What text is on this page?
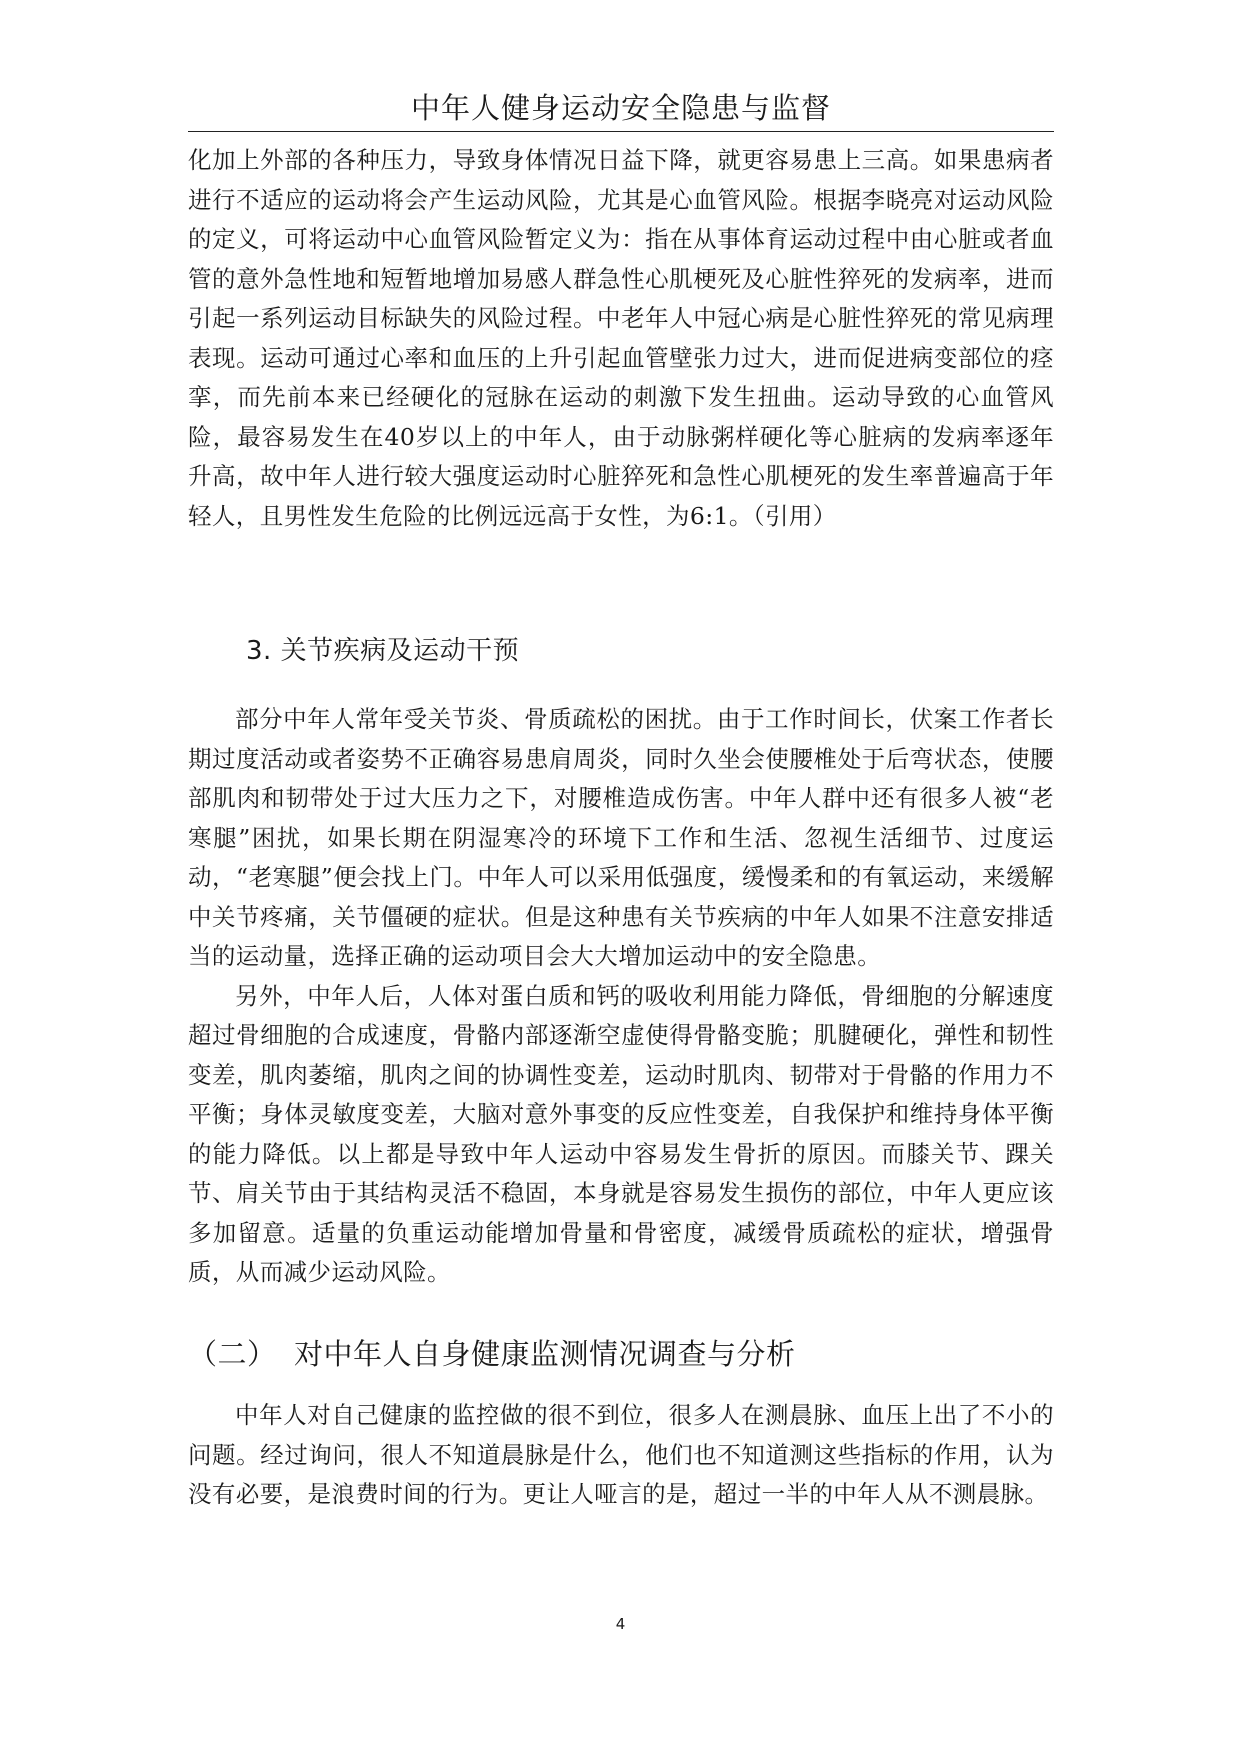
中年人健身运动安全隐患与监督

化加上外部的各种压力，导致身体情况日益下降，就更容易患上三高。如果患病者进行不适应的运动将会产生运动风险，尤其是心血管风险。根据李晓亮对运动风险的定义，可将运动中心血管风险暂定义为：指在从事体育运动过程中由心脏或者血管的意外急性地和短暂地增加易感人群急性心肌梗死及心脏性猝死的发病率，进而引起一系列运动目标缺失的风险过程。中老年人中冠心病是心脏性猝死的常见病理表现。运动可通过心率和血压的上升引起血管壁张力过大，进而促进病变部位的痉挛，而先前本来已经硬化的冠脉在运动的刺激下发生扭曲。运动导致的心血管风险，最容易发生在40岁以上的中年人，由于动脉粥样硬化等心脏病的发病率逐年升高，故中年人进行较大强度运动时心脏猝死和急性心肌梗死的发生率普遍高于年轻人，且男性发生危险的比例远远高于女性，为6:1。（引用）

3. 关节疾病及运动干预

部分中年人常年受关节炎、骨质疏松的困扰。由于工作时间长，伏案工作者长期过度活动或者姿势不正确容易患肩周炎，同时久坐会使腰椎处于后弯状态，使腰部肌肉和韧带处于过大压力之下，对腰椎造成伤害。中年人群中还有很多人被“老寒腿”困扰，如果长期在阴湿寒冷的环境下工作和生活、忽视生活细节、过度运动，“老寒腿”便会找上门。中年人可以采用低强度，缓慢柔和的有氧运动，来缓解中关节疼痛，关节僵硬的症状。但是这种患有关节疾病的中年人如果不注意安排适当的运动量，选择正确的运动项目会大大增加运动中的安全隐患。

另外，中年人后，人体对蛋白质和钙的吸收利用能力降低，骨细胞的分解速度超过骨细胞的合成速度，骨骼内部逐渐空虚使得骨骼变脆；肌腱硬化，弹性和韧性变差，肌肉萎缩，肌肉之间的协调性变差，运动时肌肉、韧带对于骨骼的作用力不平衡；身体灵敏度变差，大脑对意外事变的反应性变差，自我保护和维持身体平衡的能力降低。以上都是导致中年人运动中容易发生骨折的原因。而膝关节、踝关节、肩关节由于其结构灵活不稳固，本身就是容易发生损伤的部位，中年人更应该多加留意。适量的负重运动能增加骨量和骨密度，减缓骨质疏松的症状，增强骨质，从而减少运动风险。

（二） 对中年人自身健康监测情况调查与分析

中年人对自己健康的监控做的很不到位，很多人在测晨脉、血压上出了不小的问题。经过询问，很人不知道晨脉是什么，他们也不知道测这些指标的作用，认为没有必要，是浪费时间的行为。更让人哑言的是，超过一半的中年人从不测晨脉。

4
